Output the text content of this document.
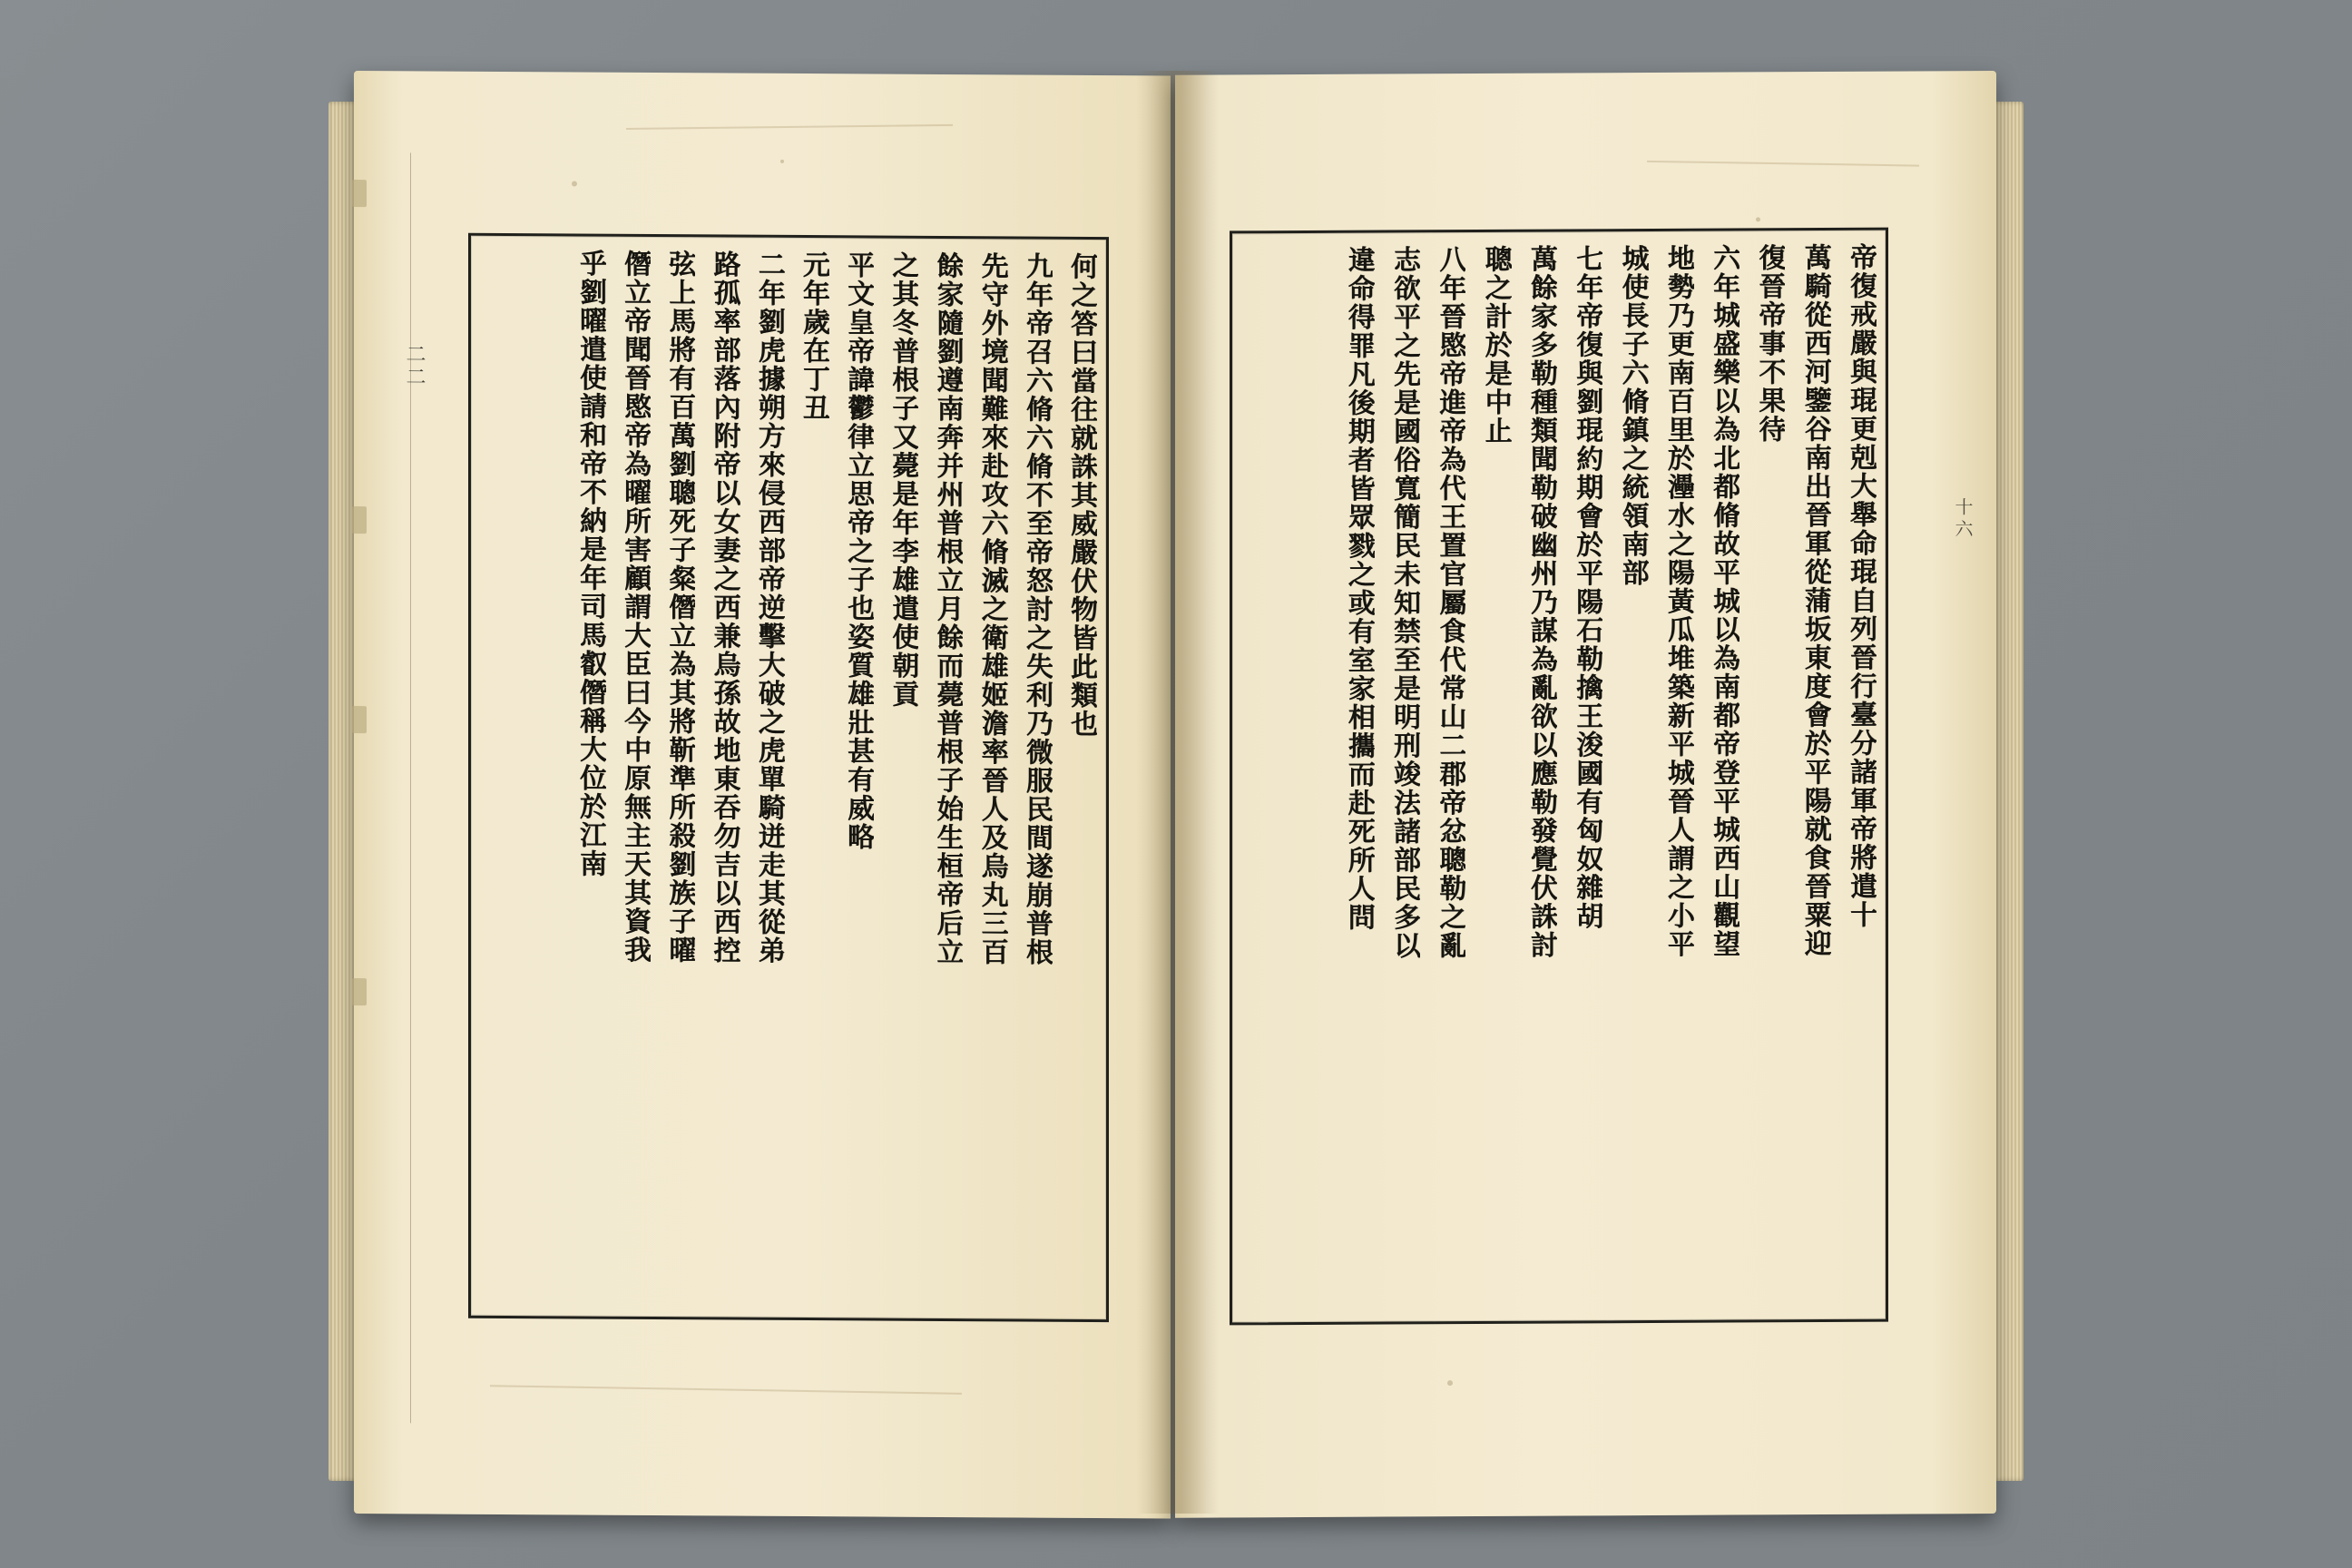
二二	何之答曰當往就誅其威嚴伏物皆此類也
九年帝召六脩六脩不至帝怒討之失利乃微服民間遂崩普根
先守外境聞難來赴攻六脩滅之衛雄姬澹率晉人及烏丸三百
餘家隨劉遵南奔并州普根立月餘而薨普根子始生桓帝后立
之其冬普根子又薨是年李雄遣使朝貢
平文皇帝諱鬱律立思帝之子也姿質雄壯甚有威略
元年歲在丁丑
二年劉虎據朔方來侵西部帝逆擊大破之虎單騎迸走其從弟
路孤率部落內附帝以女妻之西兼烏孫故地東吞勿吉以西控
弦上馬將有百萬劉聰死子粲僭立為其將靳準所殺劉族子曜
僭立帝聞晉愍帝為曜所害顧謂大臣曰今中原無主天其資我
乎劉曜遣使請和帝不納是年司馬叡僭稱大位於江南	十六
帝復戒嚴與琨更剋大舉命琨自列晉行臺分諸軍帝將遣十
萬騎從西河鑒谷南出晉軍從蒲坂東度會於平陽就食晉粟迎
復晉帝事不果待
六年城盛樂以為北都脩故平城以為南都帝登平城西山觀望
地勢乃更南百里於灅水之陽黃瓜堆築新平城晉人謂之小平
城使長子六脩鎮之統領南部
七年帝復與劉琨約期會於平陽石勒擒王浚國有匈奴雜胡
萬餘家多勒種類聞勒破幽州乃謀為亂欲以應勒發覺伏誅討
聰之計於是中止
八年晉愍帝進帝為代王置官屬食代常山二郡帝忿聰勒之亂
志欲平之先是國俗寬簡民未知禁至是明刑竣法諸部民多以
違命得罪凡後期者皆眾戮之或有室家相攜而赴死所人問
